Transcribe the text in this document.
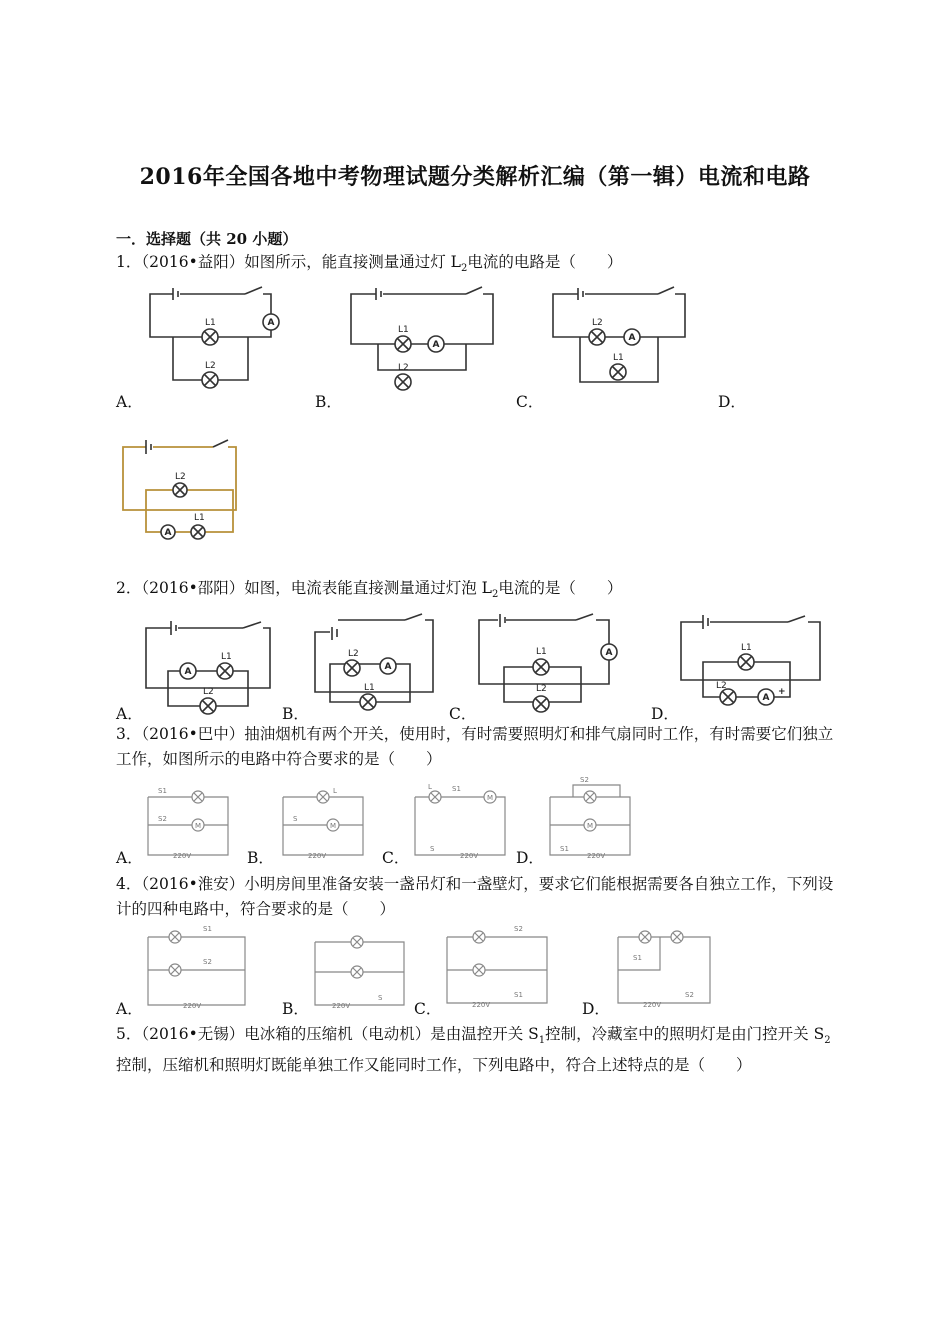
2016年全国各地中考物理试题分类解析汇编（第一辑）电流和电路
一．选择题（共 20 小题）
1．（2016•益阳）如图所示，能直接测量通过灯 $L_2$电流的电路是（　　）
A
L1
L2
L1
A
L2
L2
A
L1
A．	B．	C．	D．
L2
A
L1
2．（2016•邵阳）如图，电流表能直接测量通过灯泡 $L_2$电流的是（　　）
A
L1
L2
L2
A
L1
A
L1
L2
L1
L2
A
+
A．	B．	C．	D．
3．（2016•巴中）抽油烟机有两个开关，使用时，有时需要照明灯和排气扇同时工作，有时需要它们独立工作，如图所示的电路中符合要求的是（　　）
M
S1
S2
220V
M
L
S
220V
M
L	S1
S
220V
M
S2
S1
220V
A．	B．	C．	D．
4．（2016•淮安）小明房间里准备安装一盏吊灯和一盏壁灯，要求它们能根据需要各自独立工作，下列设计的四种电路中，符合要求的是（　　）
S1
S2
220V
S
220V
S2
S1
220V
S1
S2
220V
A．	B．	C．	D．
5．（2016•无锡）电冰箱的压缩机（电动机）是由温控开关 $S_1$控制，冷藏室中的照明灯是由门控开关 $S_2$控制，压缩机和照明灯既能单独工作又能同时工作，下列电路中，符合上述特点的是（　　）
